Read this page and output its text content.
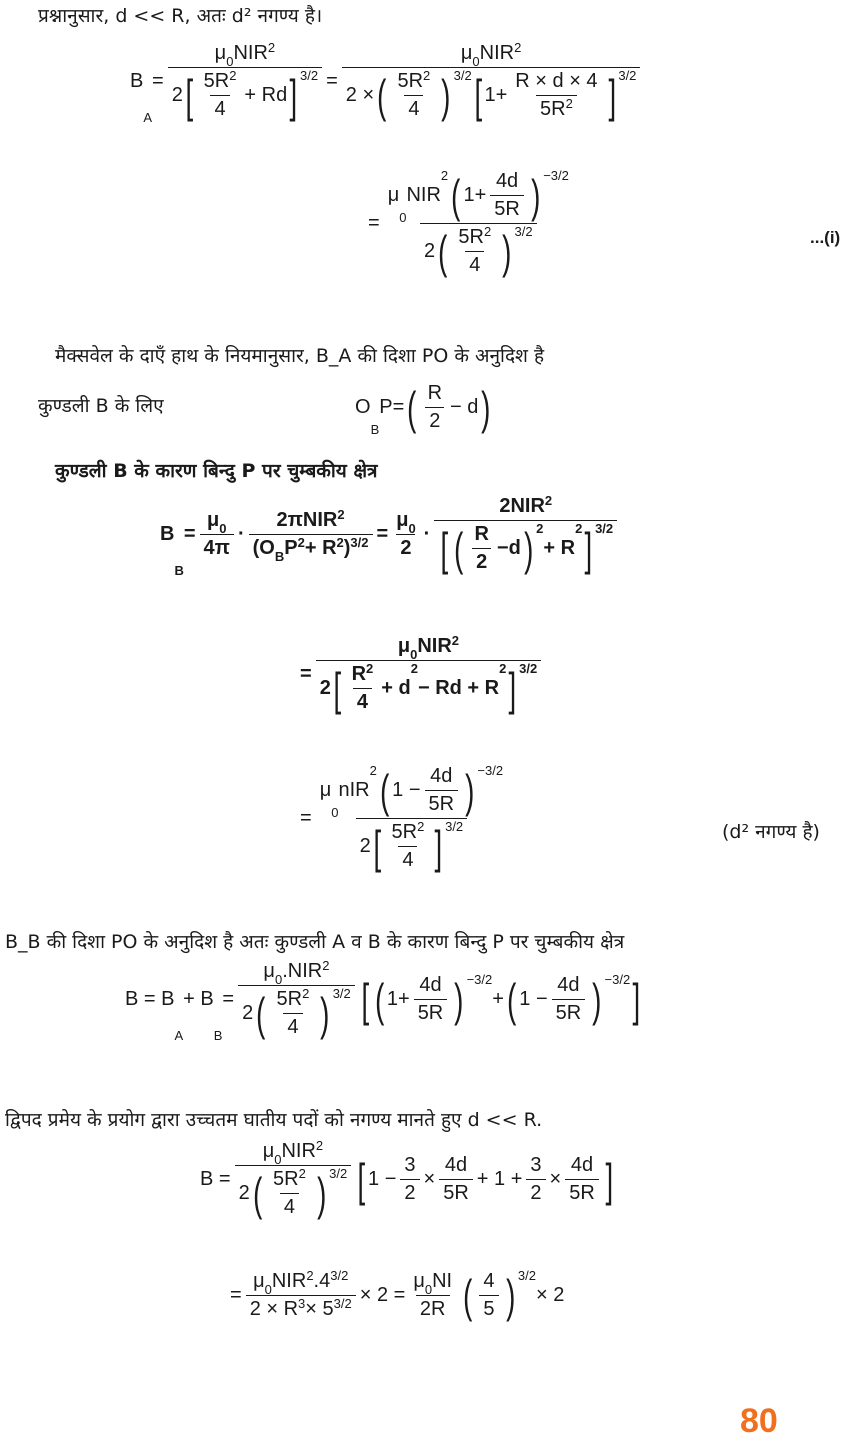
प्रश्नानुसार, d << R, अतः d² नगण्य है।
B
A
= $\frac{\text{μ 0 NIR 2}}{2 [ \frac{5R 2}{4} + Rd ] 3/2} = \frac{\text{μ 0 NIR 2}}{2 \times ( \frac{5R 2}{4} ) 3/2 [ 1+ \frac{R \times d \times 4}{5R 2} ] 3/2}$
= μ
0
NIR
2 ( $1+ \frac{4d}{5R}$ ) −3/2
2 ( $\frac{5R 2}{4}$ ) 3/2	...(i)
मैक्सवेल के दाएँ हाथ के नियमानुसार, B_A की दिशा PO के अनुदिश है
कुण्डली B के लिए	O
B
P= ( $\frac{R}{2} - d$ )
कुण्डली B के कारण बिन्दु P पर चुम्बकीय क्षेत्र
B
B
= $\frac{\mu 0}{4\pi} \cdot \frac{\text{2πNIR 2}}{\text{(O B P 2 + R 2 ) 3/2}} = \frac{\mu 0}{2} \cdot 2NIR$ 2
[ ( $\frac{R}{2} -d$ ) 2
+ R
2 ] 3/2
= μ 0 NIR 2
2 [ $\frac{R 2}{4} + d$
2
− Rd + R
2 ] 3/2
= μ
0
nIR
2 ( $1 - \frac{4d}{5R}$ ) −3/2
2 [ $\frac{5R 2}{4}$ ] 3/2	(d² नगण्य है)
B_B की दिशा PO के अनुदिश है अतः कुण्डली A व B के कारण बिन्दु P पर चुम्बकीय क्षेत्र
B = B
A
+ B
B
= $\frac{\text{μ 0 .NIR 2}}{2 ( \frac{5R 2}{4} ) 3/2}$ [ ( $1+ \frac{4d}{5R}$ ) −3/2
+ ( $1 - \frac{4d}{5R}$ ) −3/2 ]
द्विपद प्रमेय के प्रयोग द्वारा उच्चतम घातीय पदों को नगण्य मानते हुए d << R.
$B = \frac{\text{μ 0 NIR 2}}{2 ( \frac{5R 2}{4} ) 3/2}$ [ $1 - \frac{3}{2} \times \frac{4d}{5R} + 1 + \frac{3}{2} \times \frac{4d}{5R}$ ]
= $\frac{\text{μ 0 NIR 2 .4 3/2}}{2 \times R 3 \times 5 3/2} \times 2 = \frac{\mu 0 NI}{2R}$ ( $\frac{4}{5}$ ) 3/2
× 2
80
